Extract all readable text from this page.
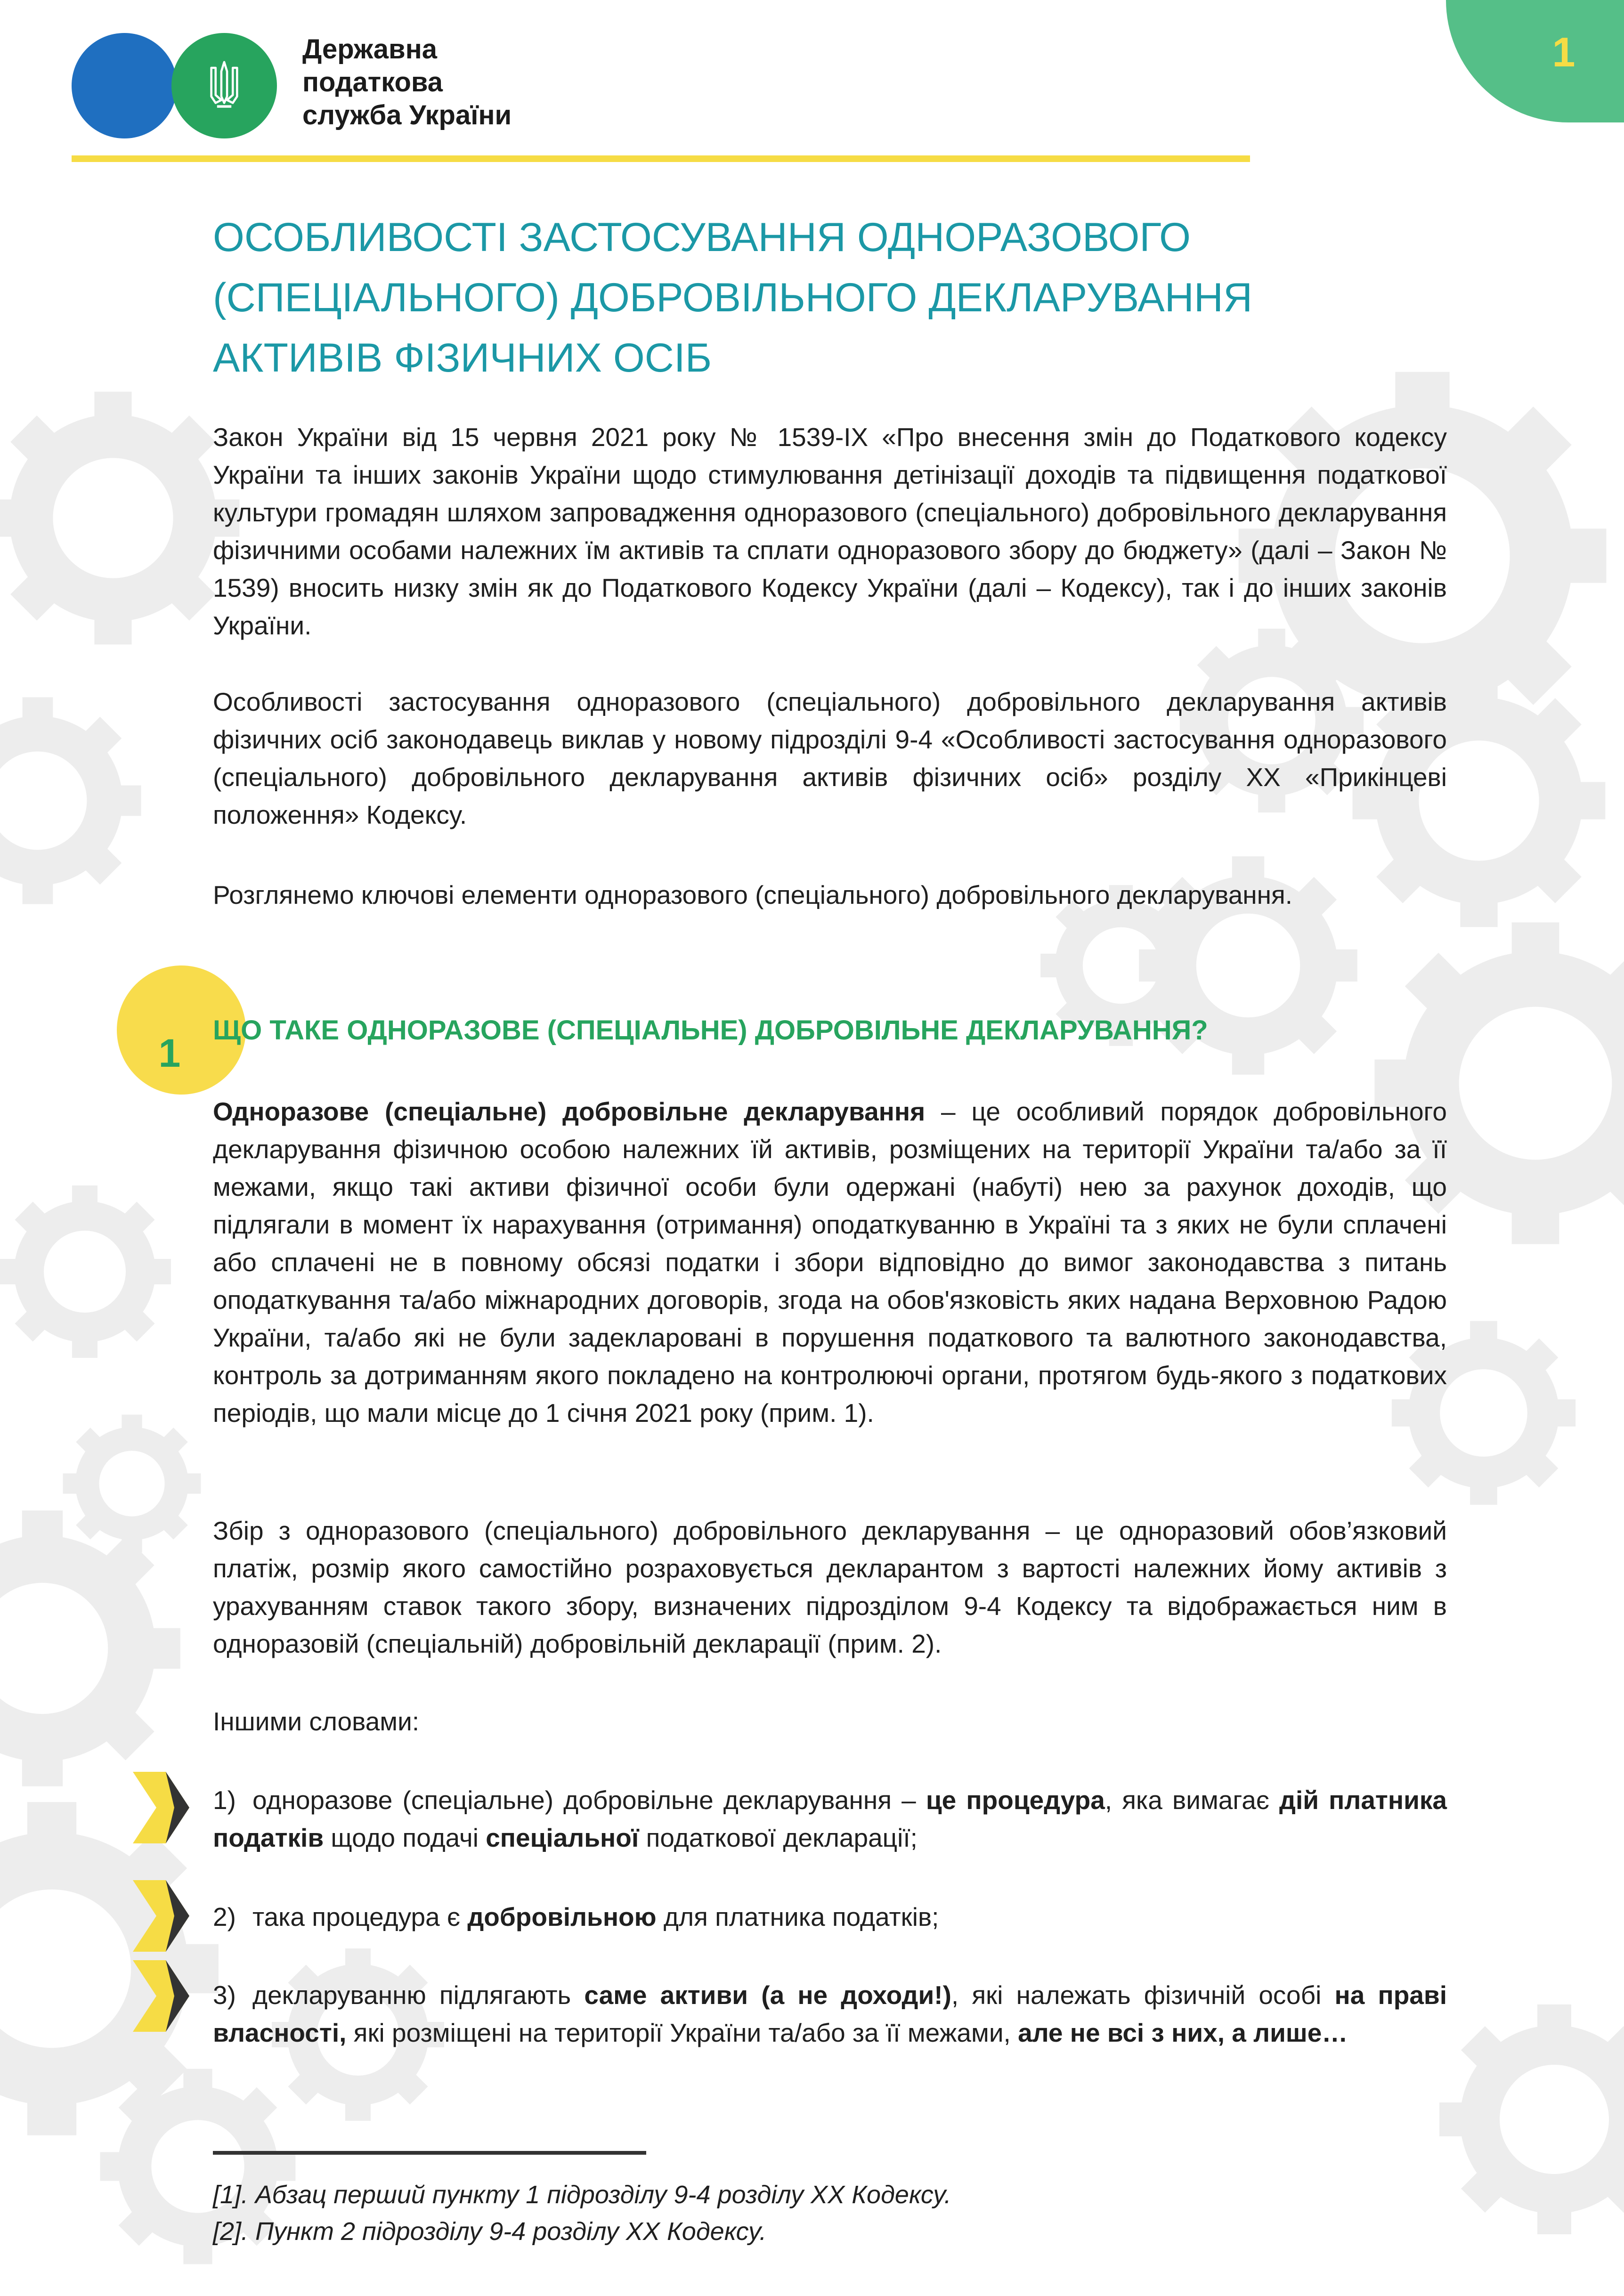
Державна
податкова
служба України
1
ОСОБЛИВОСТІ ЗАСТОСУВАННЯ ОДНОРАЗОВОГО
(СПЕЦІАЛЬНОГО) ДОБРОВІЛЬНОГО ДЕКЛАРУВАННЯ
АКТИВІВ ФІЗИЧНИХ ОСІБ
Закон України від 15 червня 2021 року № 1539-IX «Про внесення змін до Податкового кодексу України та інших законів України щодо стимулювання детінізації доходів та підвищення податкової культури громадян шляхом запровадження одноразового (спеціального) добровільного декларування фізичними особами належних їм активів та сплати одноразового збору до бюджету» (далі – Закон № 1539) вносить низку змін як до Податкового Кодексу України (далі – Кодексу), так і до інших законів України.
Особливості застосування одноразового (спеціального) добровільного декларування активів фізичних осіб законодавець виклав у новому підрозділі 9-4 «Особливості застосування одноразового (спеціального) добровільного декларування активів фізичних осіб» розділу ХХ «Прикінцеві положення» Кодексу.
Розглянемо ключові елементи одноразового (спеціального) добровільного декларування.
1
ЩО ТАКЕ ОДНОРАЗОВЕ (СПЕЦІАЛЬНЕ) ДОБРОВІЛЬНЕ ДЕКЛАРУВАННЯ?
Одноразове (спеціальне) добровільне декларування – це особливий порядок добровільного декларування фізичною особою належних їй активів, розміщених на території України та/або за її межами, якщо такі активи фізичної особи були одержані (набуті) нею за рахунок доходів, що підлягали в момент їх нарахування (отримання) оподаткуванню в Україні та з яких не були сплачені або сплачені не в повному обсязі податки і збори відповідно до вимог законодавства з питань оподаткування та/або міжнародних договорів, згода на обов'язковість яких надана Верховною Радою України, та/або які не були задекларовані в порушення податкового та валютного законодавства, контроль за дотриманням якого покладено на контролюючі органи, протягом будь-якого з податкових періодів, що мали місце до 1 січня 2021 року (прим. 1).
Збір з одноразового (спеціального) добровільного декларування – це одноразовий обов’язковий платіж, розмір якого самостійно розраховується декларантом з вартості належних йому активів з урахуванням ставок такого збору, визначених підрозділом 9-4 Кодексу та відображається ним в одноразовій (спеціальній) добровільній декларації (прим. 2).
Іншими словами:
1) одноразове (спеціальне) добровільне декларування – це процедура, яка вимагає дій платника податків щодо подачі спеціальної податкової декларації;
2) така процедура є добровільною для платника податків;
3) декларуванню підлягають саме активи (а не доходи!), які належать фізичній особі на праві власності, які розміщені на території України та/або за її межами, але не всі з них, а лише…
[1]. Абзац перший пункту 1 підрозділу 9-4 розділу ХХ Кодексу.
[2]. Пункт 2 підрозділу 9-4 розділу ХХ Кодексу.
